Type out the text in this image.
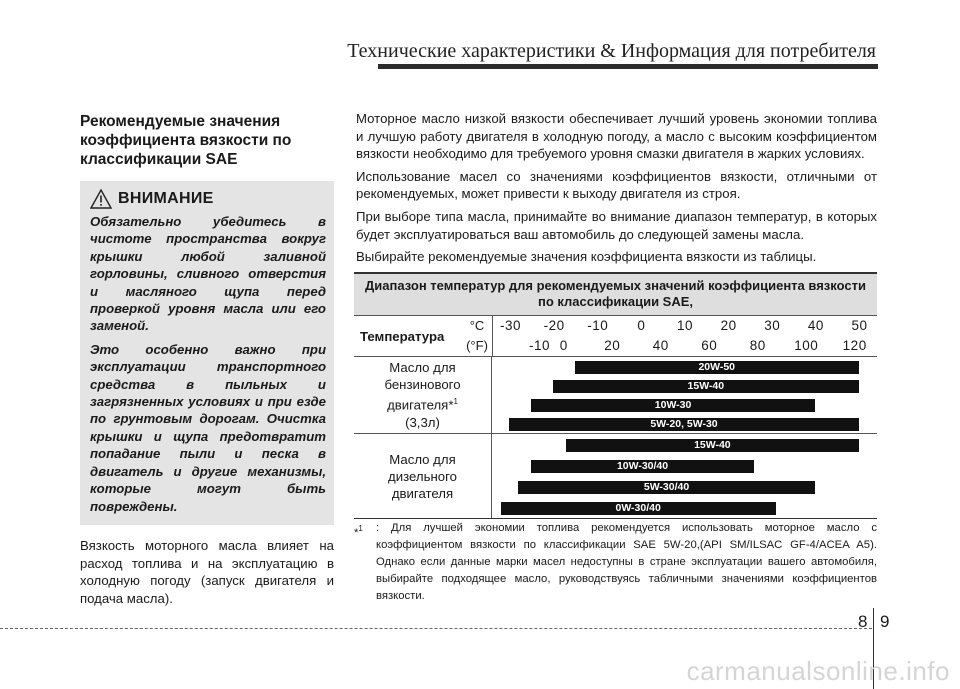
Технические характеристики & Информация для потребителя
Рекомендуемые значения коэффициента вязкости по классификации SAE
ВНИМАНИЕ

Обязательно убедитесь в чистоте пространства вокруг крышки любой заливной горловины, сливного отверстия и масляного щупа перед проверкой уровня масла или его заменой.

Это особенно важно при эксплуатации транспортного средства в пыльных и загрязненных условиях и при езде по грунтовым дорогам. Очистка крышки и щупа предотвратит попадание пыли и песка в двигатель и другие механизмы, которые могут быть повреждены.

Вязкость моторного масла влияет на расход топлива и на эксплуатацию в холодную погоду (запуск двигателя и подача масла).

Моторное масло низкой вязкости обеспечивает лучший уровень экономии топлива и лучшую работу двигателя в холодную погоду, а масло с высоким коэффициентом вязкости необходимо для требуемого уровня смазки двигателя в жарких условиях.

Использование масел со значениями коэффициентов вязкости, отличными от рекомендуемых, может привести к выходу двигателя из строя.

При выборе типа масла, принимайте во внимание диапазон температур, в которых будет эксплуатироваться ваш автомобиль до следующей замены масла.

Выбирайте рекомендуемые значения коэффициента вязкости из таблицы.

Диапазон температур для рекомендуемых значений коэффициента вязкости по классификации SAE,
Температура
°C
(°F)
-30 -20 -10 0 10 20 30 40 50
-10 0	20 40 60 80 100 120
Масло для
бензинового
двигателя*$^1$
(3,3л)
20W-50
15W-40
10W-30
5W-20, 5W-30
Масло для
дизельного
двигателя
15W-40
10W-30/40
5W-30/40
0W-30/40
*$^1$	: Для лучшей экономии топлива рекомендуется использовать моторное масло с коэффициентом вязкости по классификации SAE 5W-20,(API SM/ILSAC GF-4/ACEA A5). Однако если данные марки масел недоступны в стране эксплуатации вашего автомобиля, выбирайте подходящее масло, руководствуясь табличными значениями коэффициентов вязкости.
8 9
carmanualsonline.info
